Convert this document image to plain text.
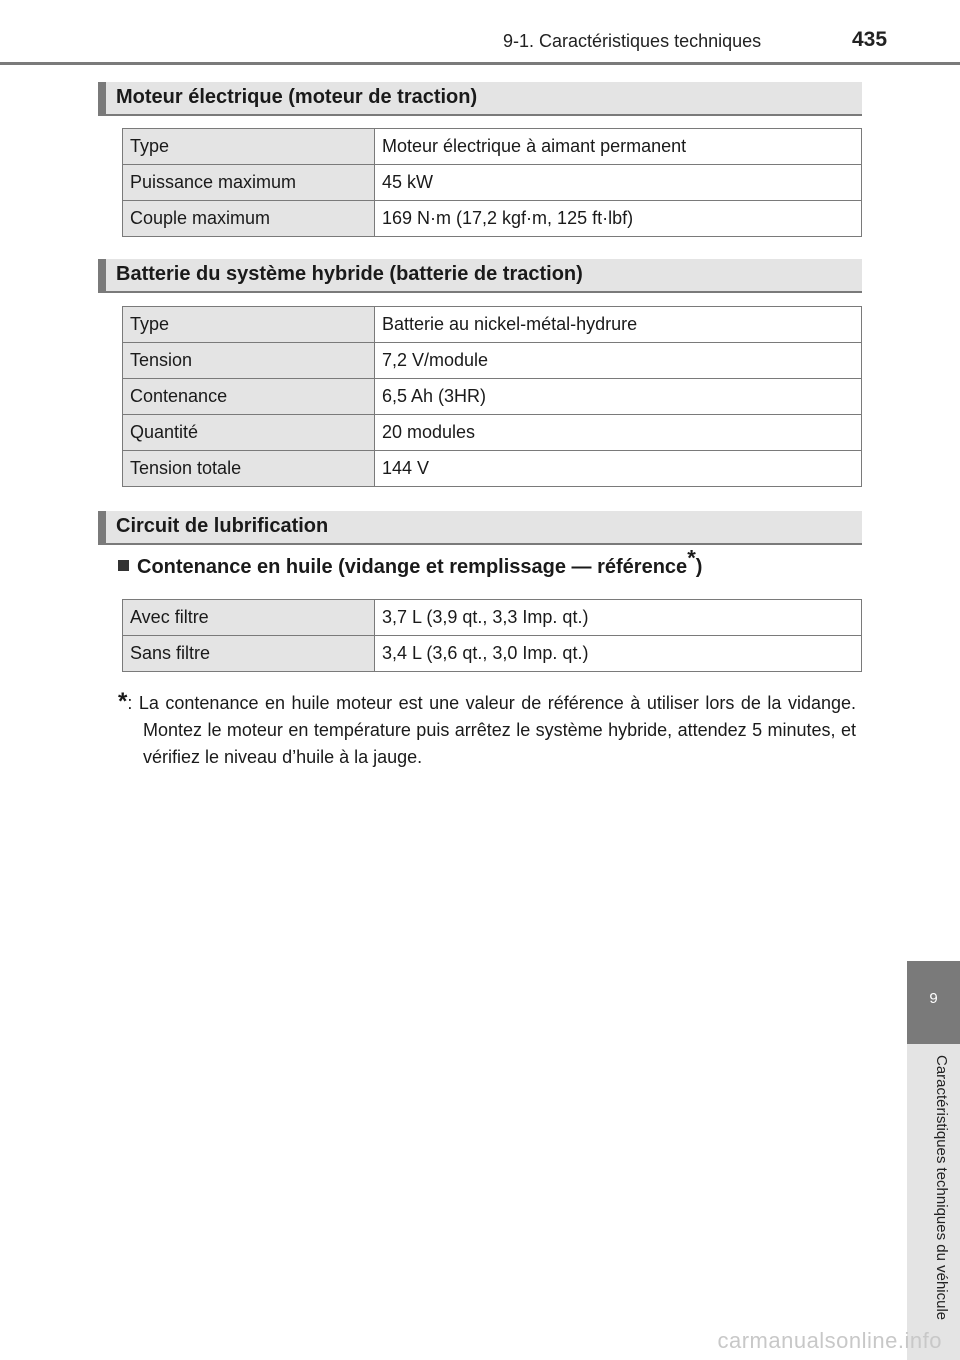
9-1. Caractéristiques techniques	435
Moteur électrique (moteur de traction)
Type	Moteur électrique à aimant permanent
Puissance maximum	45 kW
Couple maximum	169 N·m (17,2 kgf·m, 125 ft·lbf)
Batterie du système hybride (batterie de traction)
Type	Batterie au nickel-métal-hydrure
Tension	7,2 V/module
Contenance	6,5 Ah (3HR)
Quantité	20 modules
Tension totale	144 V
Circuit de lubrification
Contenance en huile (vidange et remplissage — référence*)
Avec filtre	3,7 L (3,9 qt., 3,3 Imp. qt.)
Sans filtre	3,4 L (3,6 qt., 3,0 Imp. qt.)
*: La contenance en huile moteur est une valeur de référence à utiliser lors de la vidange. Montez le moteur en température puis arrêtez le système hybride, attendez 5 minutes, et vérifiez le niveau d’huile à la jauge.
9
Caractéristiques techniques du véhicule
carmanualsonline.info
